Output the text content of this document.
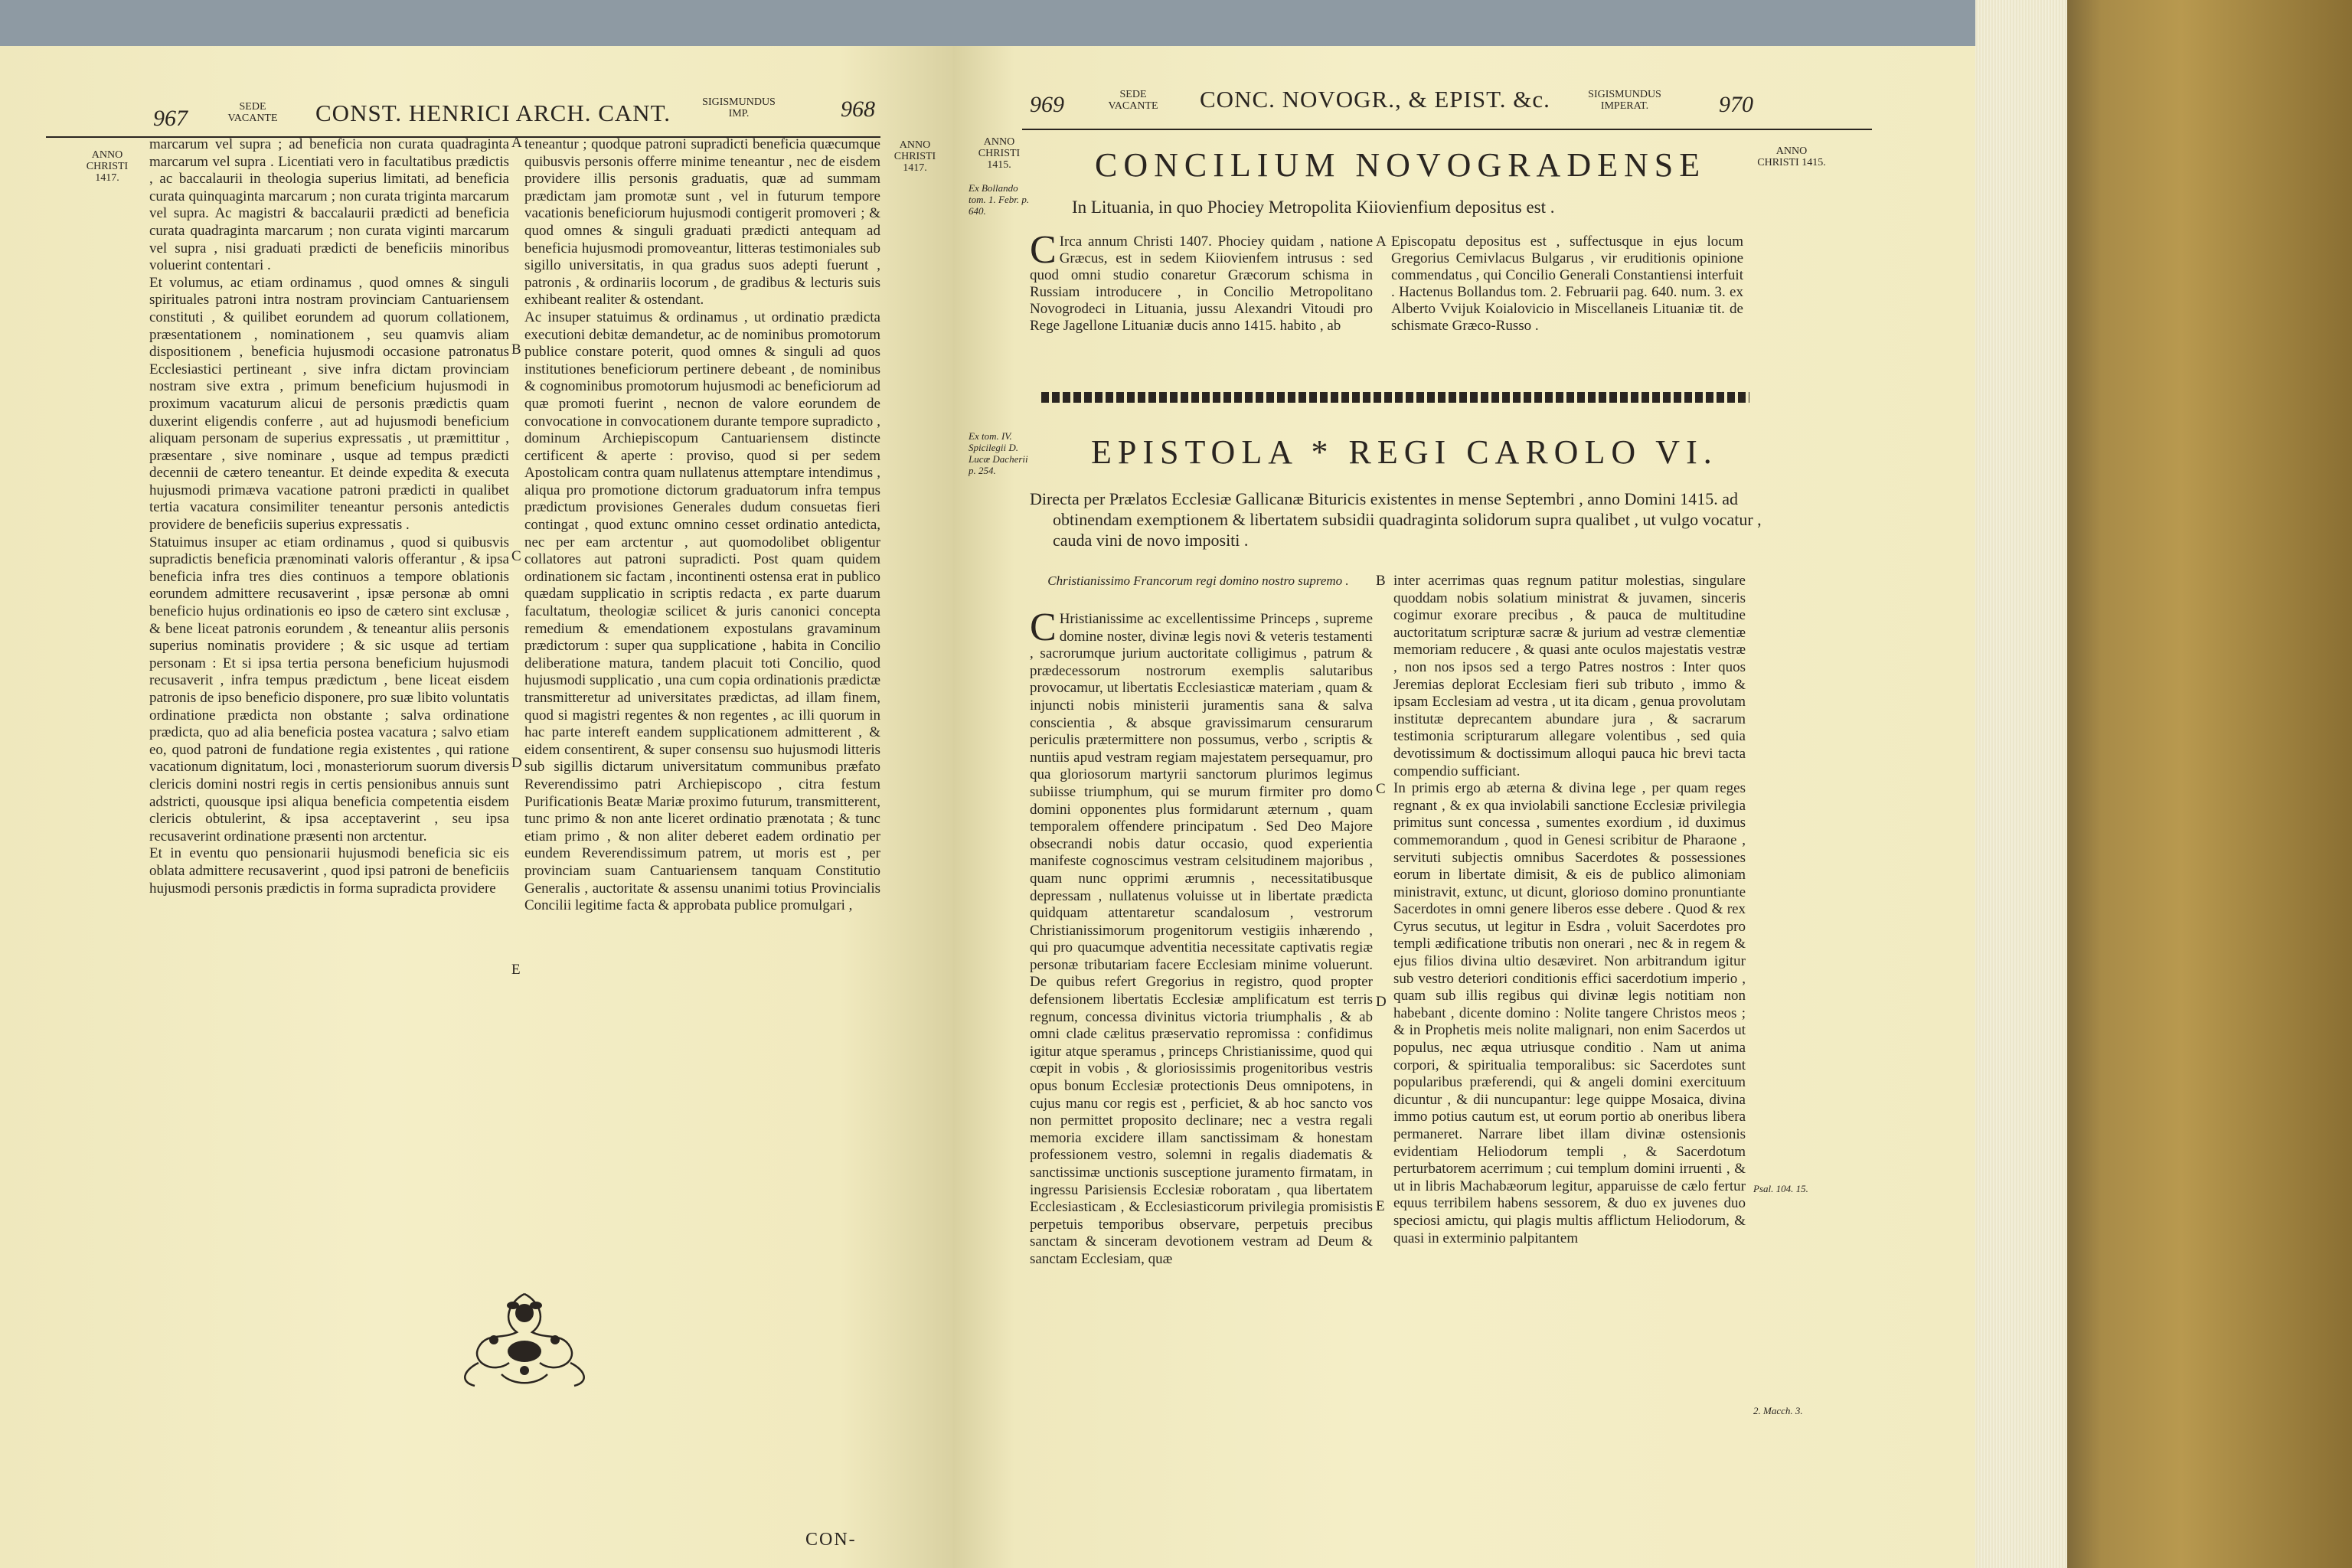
967	SEDE
VACANTE	CONST. HENRICI ARCH. CANT.	SIGISMUNDUS
IMP.	968
ANNO CHRISTI 1417.
ANNO CHRISTI 1417.

marcarum vel supra ; ad beneficia non curata quadraginta marcarum vel supra . Licentiati vero in facultatibus prædictis , ac baccalaurii in theologia superius limitati, ad beneficia curata quinquaginta marcarum ; non curata triginta marcarum vel supra. Ac magistri & baccalaurii prædicti ad beneficia curata quadraginta marcarum ; non curata viginti marcarum vel supra , nisi graduati prædicti de beneficiis minoribus voluerint contentari .
Et volumus, ac etiam ordinamus , quod omnes & singuli spirituales patroni intra nostram provinciam Cantuariensem constituti , & quilibet eorundem ad quorum collationem, præsentationem , nominationem , seu quamvis aliam dispositionem , beneficia hujusmodi occasione patronatus Ecclesiastici pertineant , sive infra dictam provinciam nostram sive extra , primum beneficium hujusmodi in proximum vacaturum alicui de personis prædictis quam duxerint eligendis conferre , aut ad hujusmodi beneficium aliquam personam de superius expressatis , ut præmittitur , præsentare , sive nominare , usque ad tempus prædicti decennii de cætero teneantur. Et deinde expedita & executa hujusmodi primæva vacatione patroni prædicti in qualibet tertia vacatura consimiliter teneantur personis antedictis providere de beneficiis superius expressatis .
Statuimus insuper ac etiam ordinamus , quod si quibusvis supradictis beneficia prænominati valoris offerantur , & ipsa beneficia infra tres dies continuos a tempore oblationis eorundem admittere recusaverint , ipsæ personæ ab omni beneficio hujus ordinationis eo ipso de cætero sint exclusæ , & bene liceat patronis eorundem , & teneantur aliis personis superius nominatis providere ; & sic usque ad tertiam personam : Et si ipsa tertia persona beneficium hujusmodi recusaverit , infra tempus prædictum , bene liceat eisdem patronis de ipso beneficio disponere, pro suæ libito voluntatis ordinatione prædicta non obstante ; salva ordinatione prædicta, quo ad alia beneficia postea vacatura ; salvo etiam eo, quod patroni de fundatione regia existentes , qui ratione vacationum dignitatum, loci , monasteriorum suorum diversis clericis domini nostri regis in certis pensionibus annuis sunt adstricti, quousque ipsi aliqua beneficia competentia eisdem clericis obtulerint, & ipsa acceptaverint , seu ipsa recusaverint ordinatione præsenti non arctentur.
Et in eventu quo pensionarii hujusmodi beneficia sic eis oblata admittere recusaverint , quod ipsi patroni de beneficiis hujusmodi personis prædictis in forma supradicta providere

teneantur ; quodque patroni supradicti beneficia quæcumque quibusvis personis offerre minime teneantur , nec de eisdem providere illis personis graduatis, quæ ad summam prædictam jam promotæ sunt , vel in futurum tempore vacationis beneficiorum hujusmodi contigerit promoveri ; & quod omnes & singuli graduati prædicti antequam ad beneficia hujusmodi promoveantur, litteras testimoniales sub sigillo universitatis, in qua gradus suos adepti fuerunt , patronis , & ordinariis locorum , de gradibus & lecturis suis exhibeant realiter & ostendant.
Ac insuper statuimus & ordinamus , ut ordinatio prædicta executioni debitæ demandetur, ac de nominibus promotorum publice constare poterit, quod omnes & singuli ad quos institutiones beneficiorum pertinere debeant , de nominibus & cognominibus promotorum hujusmodi ac beneficiorum ad quæ promoti fuerint , necnon de valore eorundem de convocatione in convocationem durante tempore supradicto , dominum Archiepiscopum Cantuariensem distincte certificent & aperte : proviso, quod si per sedem Apostolicam contra quam nullatenus attemptare intendimus , aliqua pro promotione dictorum graduatorum infra tempus prædictum provisiones Generales dudum consuetas fieri contingat , quod extunc omnino cesset ordinatio antedicta, nec per eam arctentur , aut quomodolibet obligentur collatores aut patroni supradicti. Post quam quidem ordinationem sic factam , incontinenti ostensa erat in publico quædam supplicatio in scriptis redacta , ex parte duarum facultatum, theologiæ scilicet & juris canonici concepta remedium & emendationem expostulans gravaminum prædictorum : super qua supplicatione , habita in Concilio deliberatione matura, tandem placuit toti Concilio, quod hujusmodi supplicatio , una cum copia ordinationis prædictæ transmitteretur ad universitates prædictas, ad illam finem, quod si magistri regentes & non regentes , ac illi quorum in hac parte intereft eandem supplicationem admitterent , & eidem consentirent, & super consensu suo hujusmodi litteris sub sigillis dictarum universitatum communibus præfato Reverendissimo patri Archiepiscopo , citra festum Purificationis Beatæ Mariæ proximo futurum, transmitterent, tunc primo & non ante liceret ordinatio prænotata ; & tunc etiam primo , & non aliter deberet eadem ordinatio per eundem Reverendissimum patrem, ut moris est , per provinciam suam Cantuariensem tanquam Constitutio Generalis , auctoritate & assensu unanimi totius Provincialis Concilii legitime facta & approbata publice promulgari ,

A
B
C
D
E
CON-
969	SEDE
VACANTE	CONC. NOVOGR., & EPIST. &c.	SIGISMUNDUS
IMPERAT.	970
ANNO CHRISTI 1415.
Ex Bollando tom. 1. Febr. p. 640.
ANNO CHRISTI 1415.
CONCILIUM NOVOGRADENSE
In Lituania, in quo Phociey Metropolita Kiiovienfium depositus est .
C Irca annum Christi 1407. Phociey quidam , natione Græcus, est in sedem Kiiovienfem intrusus : sed quod omni studio conaretur Græcorum schisma in Russiam introducere , in Concilio Metropolitano Novogrodeci in Lituania, jussu Alexandri Vitoudi pro Rege Jagellone Lituaniæ ducis anno 1415. habito , ab
A Episcopatu depositus est , suffectusque in ejus locum Gregorius Cemivlacus Bulgarus , vir eruditionis opinione commendatus , qui Concilio Generali Constantiensi interfuit . Hactenus Bollandus tom. 2. Februarii pag. 640. num. 3. ex Alberto Vvijuk Koialovicio in Miscellaneis Lituaniæ tit. de schismate Græco-Russo .
Ex tom. IV. Spicilegii D. Lucæ Dacherii p. 254.	EPISTOLA * REGI CAROLO VI.
Directa per Prælatos Ecclesiæ Gallicanæ Bituricis existentes in mense Septembri , anno Domini 1415. ad obtinendam exemptionem & libertatem subsidii quadraginta solidorum supra qualibet , ut vulgo vocatur , cauda vini de novo impositi .
Christianissimo Francorum regi domino nostro supremo .
C Hristianissime ac excellentissime Princeps , supreme domine noster, divinæ legis novi & veteris testamenti , sacrorumque jurium auctoritate colligimus , patrum & prædecessorum nostrorum exemplis salutaribus provocamur, ut libertatis Ecclesiasticæ materiam , quam & injuncti nobis ministerii juramentis sana & salva conscientia , & absque gravissimarum censurarum periculis prætermittere non possumus, verbo , scriptis & nuntiis apud vestram regiam majestatem persequamur, pro qua gloriosorum martyrii sanctorum plurimos legimus subiisse triumphum, qui se murum firmiter pro domo domini opponentes plus formidarunt æternum , quam temporalem offendere principatum . Sed Deo Majore obsecrandi nobis datur occasio, quod experientia manifeste cognoscimus vestram celsitudinem majoribus , quam nunc opprimi ærumnis , necessitatibusque depressam , nullatenus voluisse ut in libertate prædicta quidquam attentaretur scandalosum , vestrorum Christianissimorum progenitorum vestigiis inhærendo , qui pro quacumque adventitia necessitate captivatis regiæ personæ tributariam facere Ecclesiam minime voluerunt. De quibus refert Gregorius in registro, quod propter defensionem libertatis Ecclesiæ amplificatum est terris regnum, concessa divinitus victoria triumphalis , & ab omni clade cælitus præservatio repromissa : confidimus igitur atque speramus , princeps Christianissime, quod qui cœpit in vobis , & gloriosissimis progenitoribus vestris opus bonum Ecclesiæ protectionis Deus omnipotens, in cujus manu cor regis est , perficiet, & ab hoc sancto vos non permittet proposito declinare; nec a vestra regali memoria excidere illam sanctissimam & honestam professionem vestro, solemni in regalis diadematis & sanctissimæ unctionis susceptione juramento firmatam, in ingressu Parisiensis Ecclesiæ roboratam , qua libertatem Ecclesiasticam , & Ecclesiasticorum privilegia promisistis perpetuis temporibus observare, perpetuis precibus sanctam & sinceram devotionem vestram ad Deum & sanctam Ecclesiam, quæ

inter acerrimas quas regnum patitur molestias, singulare quoddam nobis solatium ministrat & juvamen, sinceris cogimur exorare precibus , & pauca de multitudine auctoritatum scripturæ sacræ & jurium ad vestræ clementiæ memoriam reducere , & quasi ante oculos majestatis vestræ , non nos ipsos sed a tergo Patres nostros : Inter quos Jeremias deplorat Ecclesiam fieri sub tributo , immo & ipsam Ecclesiam ad vestra , ut ita dicam , genua provolutam institutæ deprecantem abundare jura , & sacrarum testimonia scripturarum allegare volentibus , sed quia devotissimum & doctissimum alloqui pauca hic brevi tacta compendio sufficiant.
In primis ergo ab æterna & divina lege , per quam reges regnant , & ex qua inviolabili sanctione Ecclesiæ privilegia primitus sunt concessa , sumentes exordium , id duximus commemorandum , quod in Genesi scribitur de Pharaone , servituti subjectis omnibus Sacerdotes & possessiones eorum in libertate dimisit, & eis de publico alimoniam ministravit, extunc, ut dicunt, glorioso domino pronuntiante Sacerdotes in omni genere liberos esse debere . Quod & rex Cyrus secutus, ut legitur in Esdra , voluit Sacerdotes pro templi ædificatione tributis non onerari , nec & in regem & ejus filios divina ultio desæviret. Non arbitrandum igitur sub vestro deteriori conditionis effici sacerdotium imperio , quam sub illis regibus qui divinæ legis notitiam non habebant , dicente domino : Nolite tangere Christos meos ; & in Prophetis meis nolite malignari, non enim Sacerdos ut populus, nec æqua utriusque conditio . Nam ut anima corpori, & spiritualia temporalibus: sic Sacerdotes sunt popularibus præferendi, qui & angeli domini exercituum dicuntur , & dii nuncupantur: lege quippe Mosaica, divina immo potius cautum est, ut eorum portio ab oneribus libera permaneret. Narrare libet illam divinæ ostensionis evidentiam Heliodorum templi , & Sacerdotum perturbatorem acerrimum ; cui templum domini irruenti , & ut in libris Machabæorum legitur, apparuisse de cælo fertur equus terribilem habens sessorem, & duo ex juvenes duo speciosi amictu, qui plagis multis afflictum Heliodorum, & quasi in exterminio palpitantem

B
C
D
E
Psal. 104. 15.
2. Macch. 3.
